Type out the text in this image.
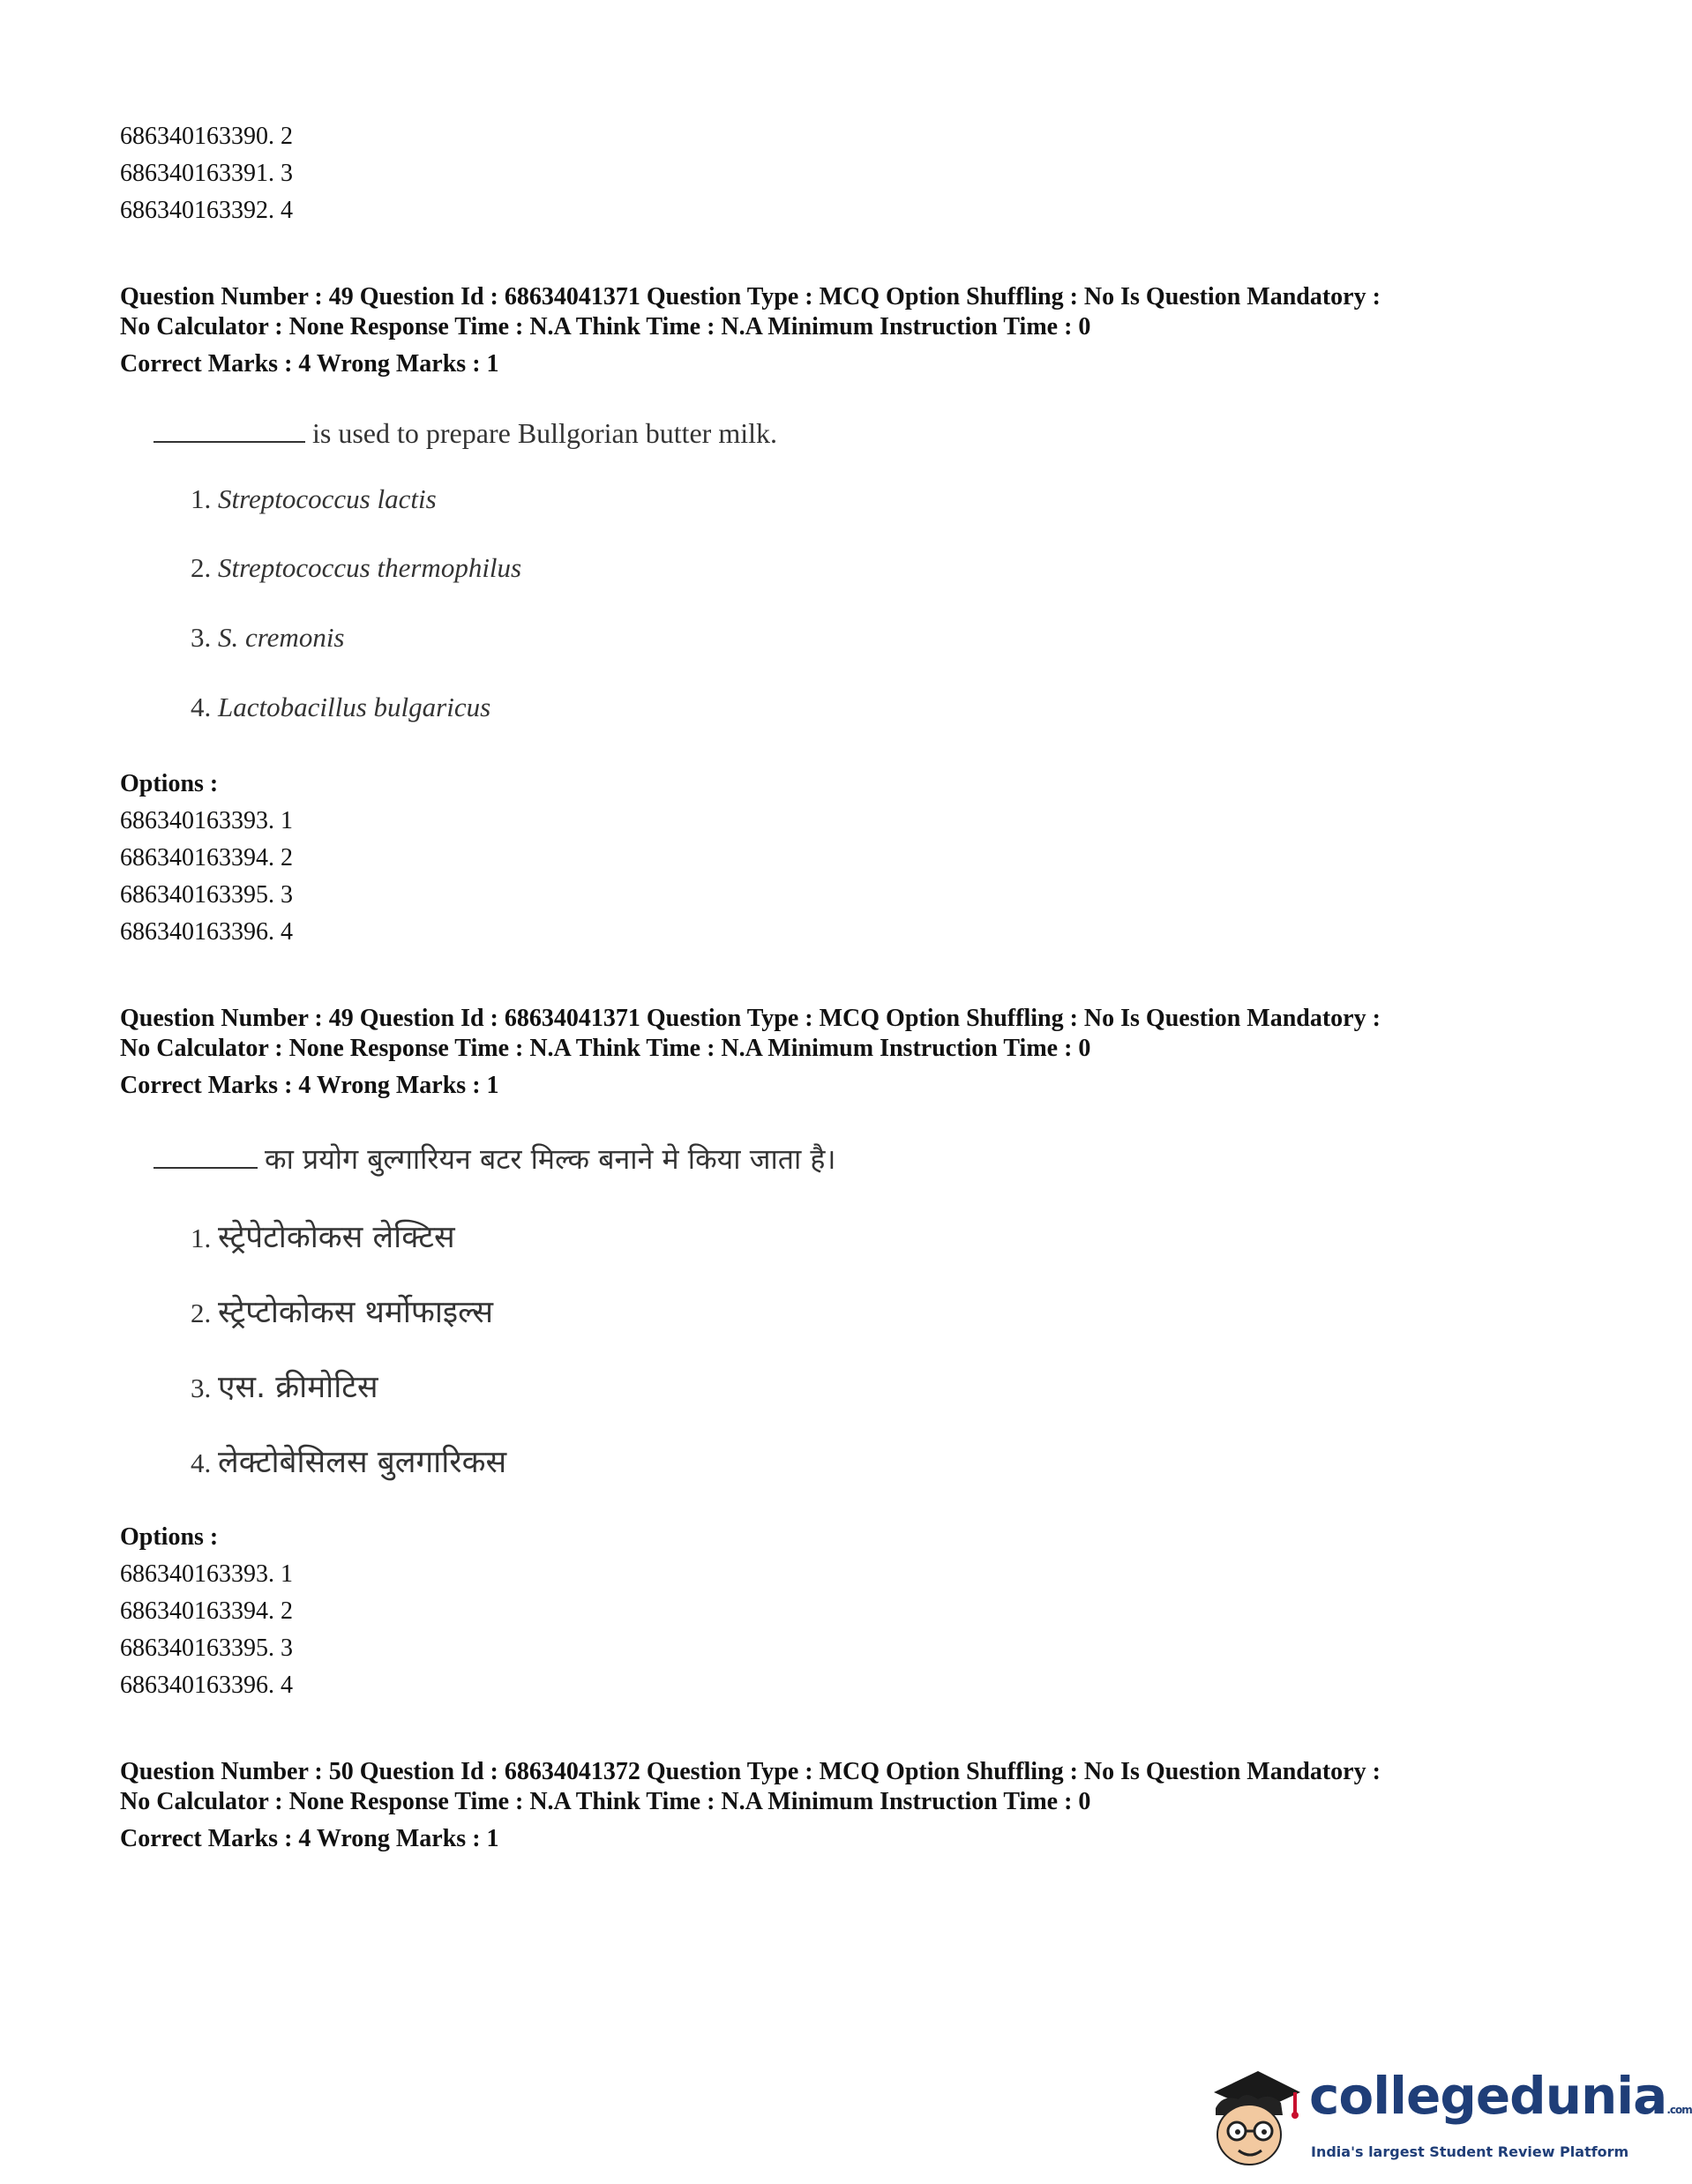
686340163390. 2
686340163391. 3
686340163392. 4
Question Number : 49 Question Id : 68634041371 Question Type : MCQ Option Shuffling : No Is Question Mandatory :
No Calculator : None Response Time : N.A Think Time : N.A Minimum Instruction Time : 0
Correct Marks : 4 Wrong Marks : 1
is used to prepare Bullgorian butter milk.
1. Streptococcus lactis
2. Streptococcus thermophilus
3. S. cremonis
4. Lactobacillus bulgaricus
Options :
686340163393. 1
686340163394. 2
686340163395. 3
686340163396. 4
Question Number : 49 Question Id : 68634041371 Question Type : MCQ Option Shuffling : No Is Question Mandatory :
No Calculator : None Response Time : N.A Think Time : N.A Minimum Instruction Time : 0
Correct Marks : 4 Wrong Marks : 1
का प्रयोग बुल्गारियन बटर मिल्क बनाने मे किया जाता है।
1. स्ट्रेपेटोकोकस लेक्टिस
2. स्ट्रेप्टोकोकस थर्मोफाइल्स
3. एस. क्रीमोटिस
4. लेक्टोबेसिलस बुलगारिकस
Options :
686340163393. 1
686340163394. 2
686340163395. 3
686340163396. 4
Question Number : 50 Question Id : 68634041372 Question Type : MCQ Option Shuffling : No Is Question Mandatory :
No Calculator : None Response Time : N.A Think Time : N.A Minimum Instruction Time : 0
Correct Marks : 4 Wrong Marks : 1
collegedunia.com
India's largest Student Review Platform
